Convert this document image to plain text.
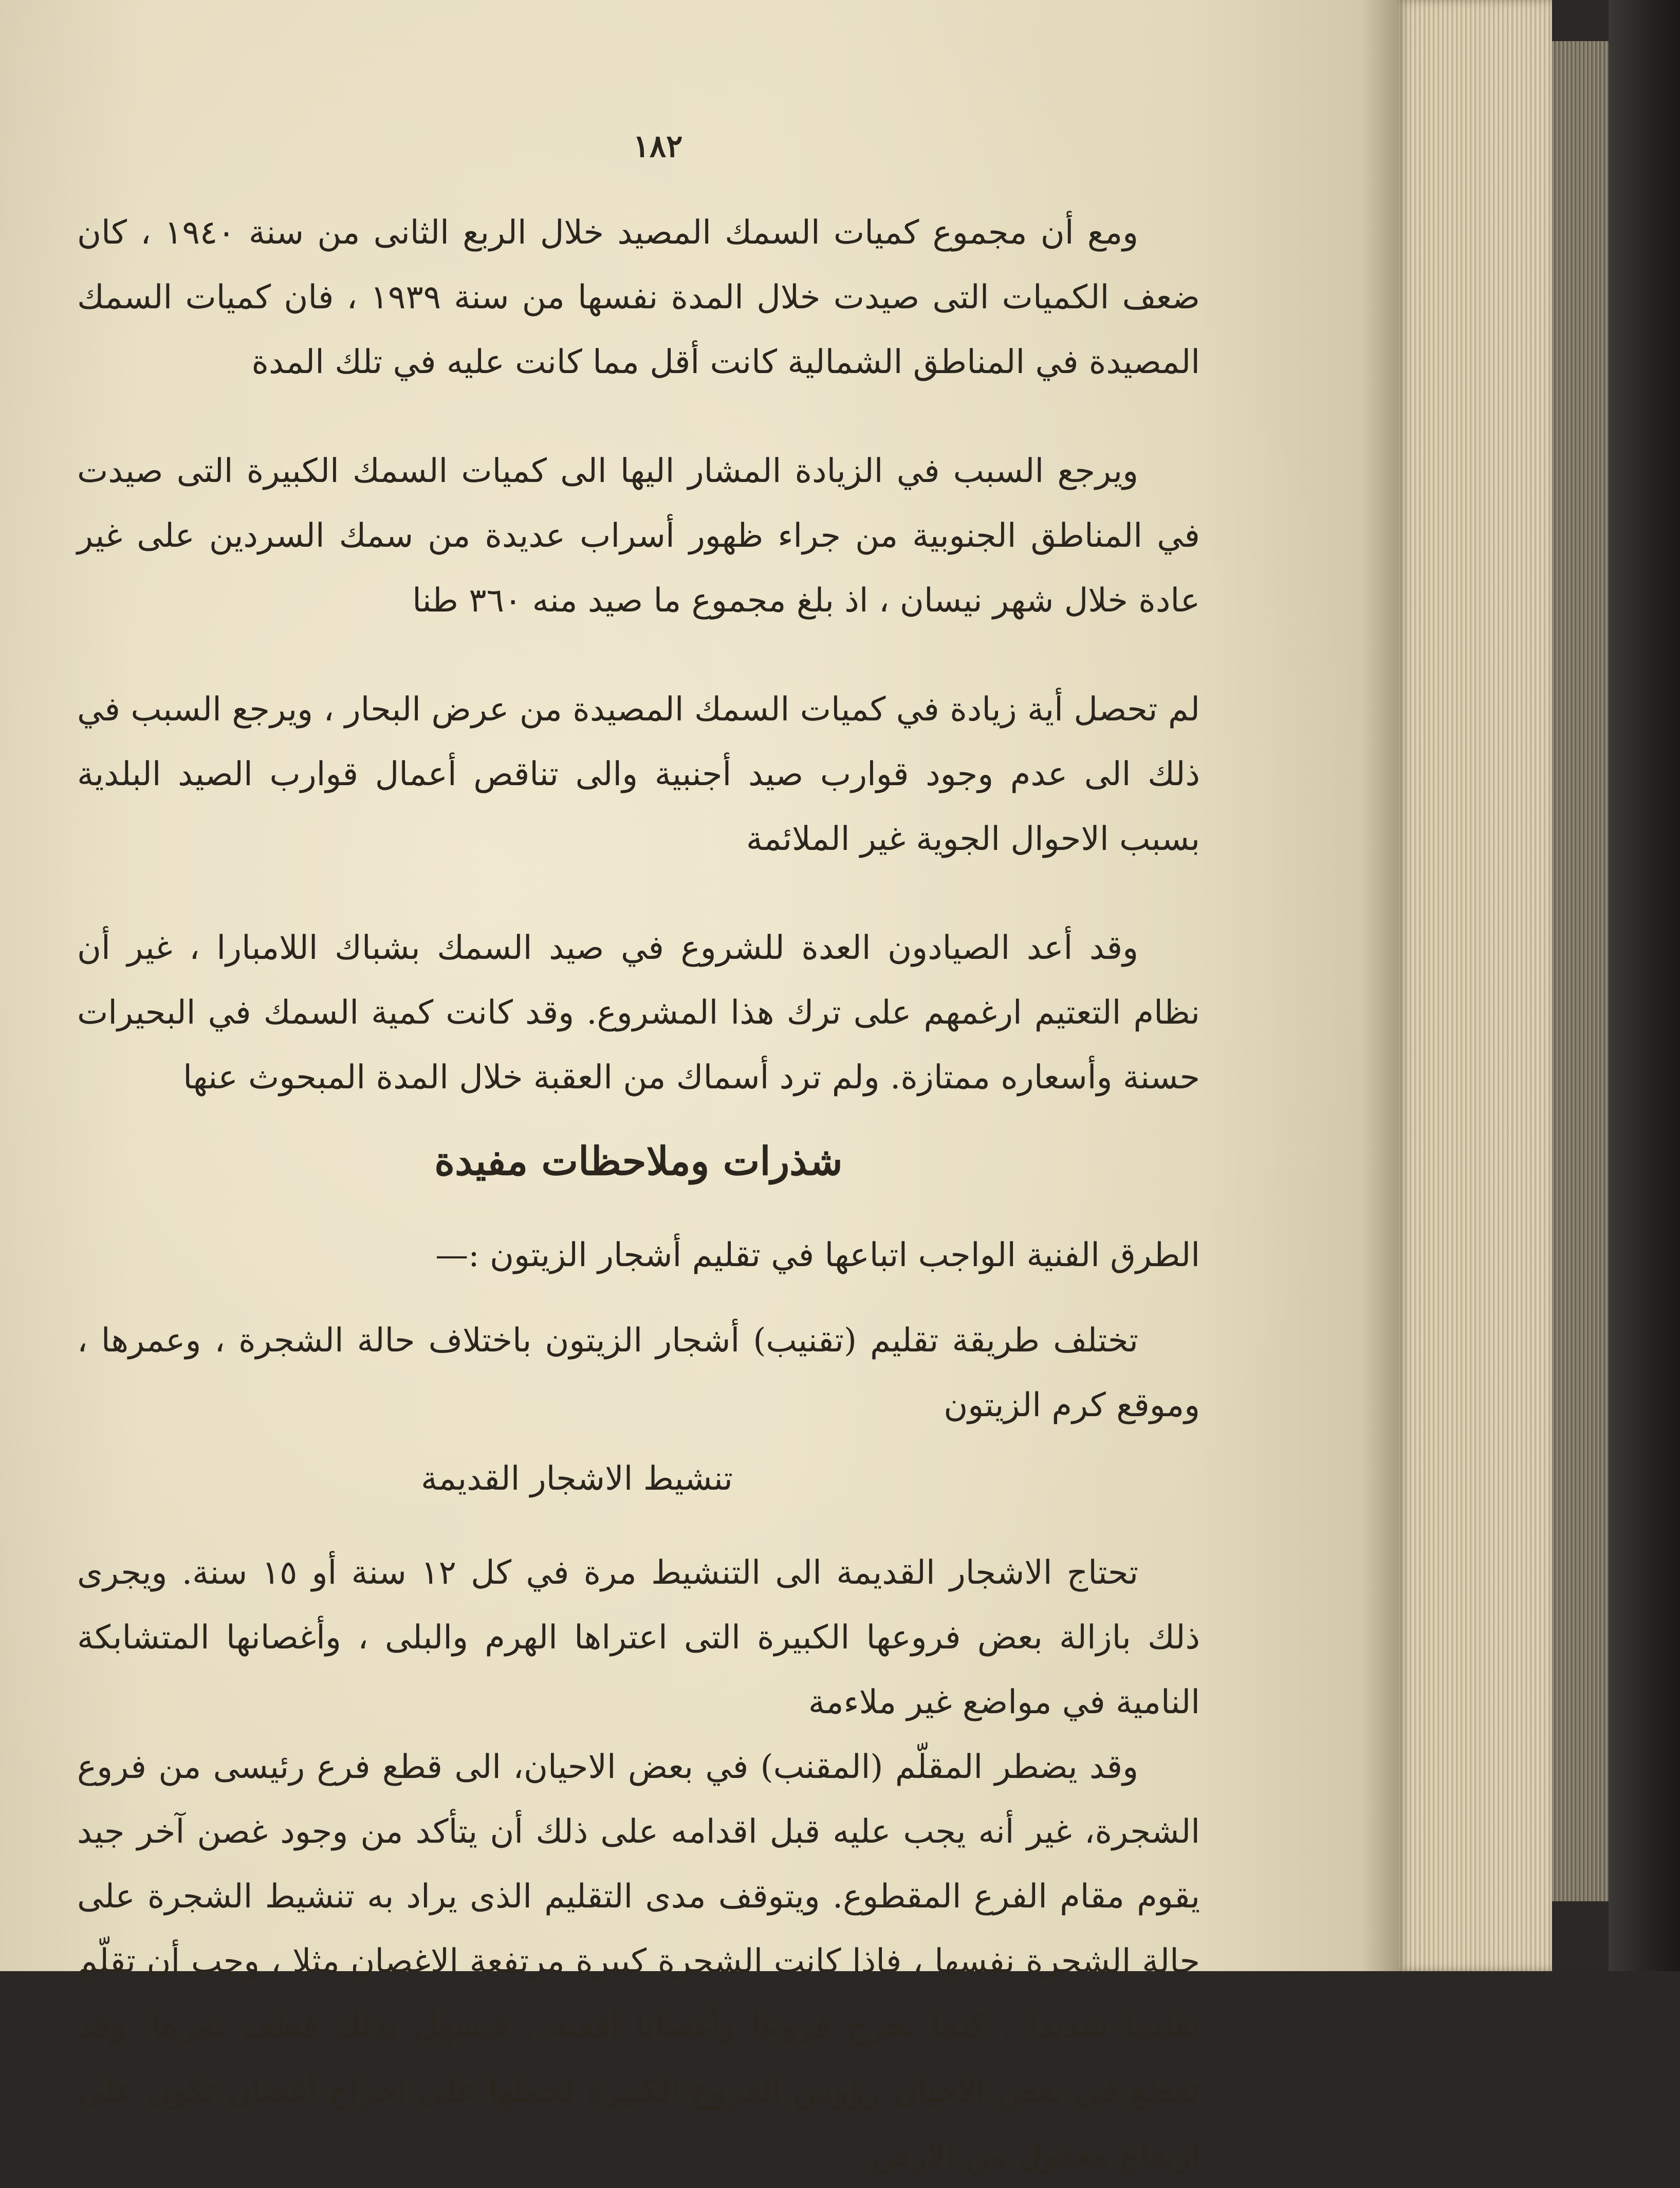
١٨٢

ومع أن مجموع كميات السمك المصيد خلال الربع الثانى من سنة ١٩٤٠ ، كان ضعف الكميات التى صيدت خلال المدة نفسها من سنة ١٩٣٩ ، فان كميات السمك المصيدة في المناطق الشمالية كانت أقل مما كانت عليه في تلك المدة

ويرجع السبب في الزيادة المشار اليها الى كميات السمك الكبيرة التى صيدت في المناطق الجنوبية من جراء ظهور أسراب عديدة من سمك السردين على غير عادة خلال شهر نيسان ، اذ بلغ مجموع ما صيد منه ٣٦٠ طنا

لم تحصل أية زيادة في كميات السمك المصيدة من عرض البحار ، ويرجع السبب في ذلك الى عدم وجود قوارب صيد أجنبية والى تناقص أعمال قوارب الصيد البلدية بسبب الاحوال الجوية غير الملائمة

وقد أعد الصيادون العدة للشروع في صيد السمك بشباك اللامبارا ، غير أن نظام التعتيم ارغمهم على ترك هذا المشروع. وقد كانت كمية السمك في البحيرات حسنة وأسعاره ممتازة. ولم ترد أسماك من العقبة خلال المدة المبحوث عنها

شذرات وملاحظات مفيدة

الطرق الفنية الواجب اتباعها في تقليم أشجار الزيتون :—

تختلف طريقة تقليم (تقنيب) أشجار الزيتون باختلاف حالة الشجرة ، وعمرها ، وموقع كرم الزيتون

تنشيط الاشجار القديمة

تحتاج الاشجار القديمة الى التنشيط مرة في كل ١٢ سنة أو ١٥ سنة. ويجرى ذلك بازالة بعض فروعها الكبيرة التى اعتراها الهرم والبلى ، وأغصانها المتشابكة النامية في مواضع غير ملاءمة

وقد يضطر المقلّم (المقنب) في بعض الاحيان، الى قطع فرع رئيسى من فروع الشجرة، غير أنه يجب عليه قبل اقدامه على ذلك أن يتأكد من وجود غصن آخر جيد يقوم مقام الفرع المقطوع. ويتوقف مدى التقليم الذى يراد به تنشيط الشجرة على حالة الشجرة نفسها ، فاذا كانت الشجرة كبيرة مرتفعة الاغصان مثلا ، وجب أن تقلّم تقليما شديدا ، كيما تخرج فروعا وأغصانا أفقية ، فيسهل بذلك قطف ثمرها. وقد تقطع في بعض الاحيان رؤوس الفروع الكبيرة لحملها على اخراج أغصان تكون على ارتفاع معقول من الارض
